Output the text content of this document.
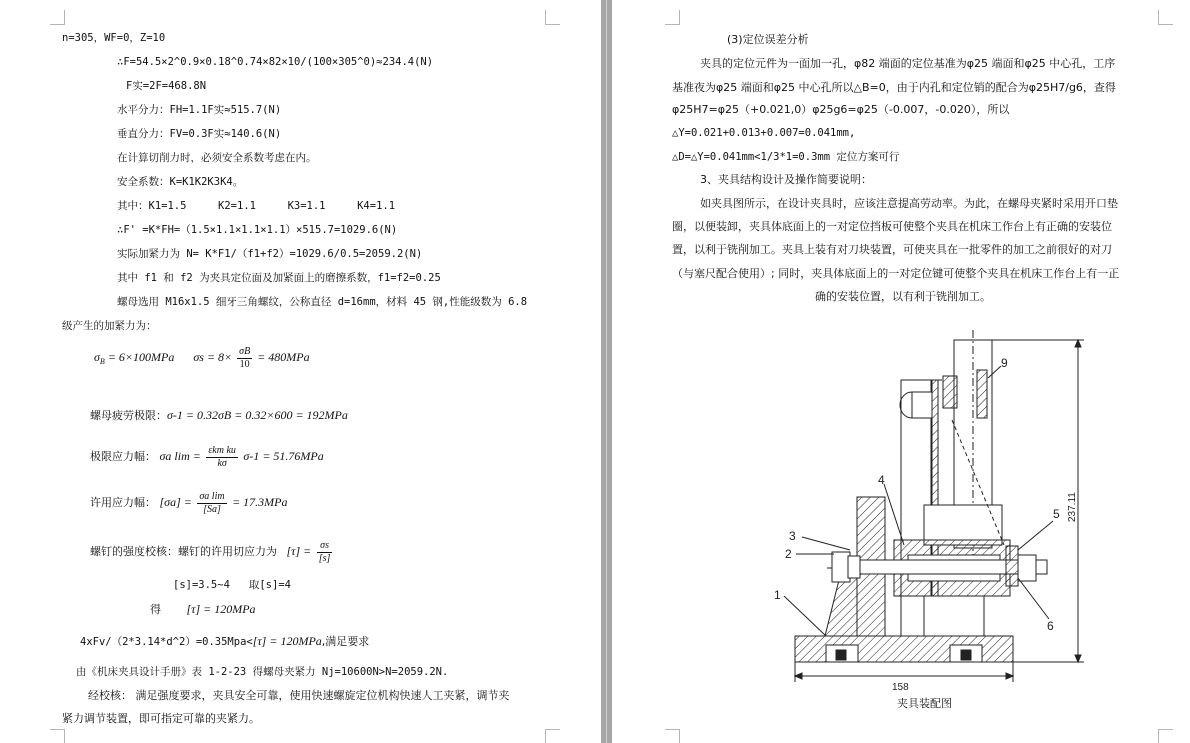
n=305，WF=0，Z=10
∴F=54.5×2^0.9×0.18^0.74×82×10/(100×305^0)≈234.4(N)
F实=2F=468.8N
水平分力：FH=1.1F实≈515.7(N)
垂直分力：FV=0.3F实≈140.6(N)
在计算切削力时，必须安全系数考虑在内。
安全系数：K=K1K2K3K4。
其中：K1=1.5     K2=1.1     K3=1.1     K4=1.1
∴F' =K*FH=（1.5×1.1×1.1×1.1）×515.7=1029.6(N)
实际加紧力为 N= K*F1/（f1+f2）=1029.6/0.5=2059.2(N)
其中 f1 和 f2 为夹具定位面及加紧面上的磨擦系数，f1=f2=0.25
螺母选用 M16x1.5 细牙三角螺纹，公称直径 d=16mm，材料 45 钢,性能级数为 6.8
级产生的加紧力为：
$\sigma_B = 6\times 100MPa$ $\sigma s = 8\times \frac{\sigma B}{10} = 480MPa$
螺母疲劳极限：σ-1 = 0.32σB = 0.32×600 = 192MPa
极限应力幅： σa $\lim = \frac{\text{εkm ku}}{k\sigma} \sigma-1 = 51.76MPa$
许用应力幅： $[\sigma a] = \frac{\text{σa lim}}{[Sa]} = 17.3MPa$
螺钉的强度校核：螺钉的许用切应力为 $[\tau] = \frac{\sigma s}{[s]}$
[s]=3.5~4   取[s]=4
得 [τ] = 120MPa
4xFv/（2*3.14*d^2）=0.35Mpa<[τ] = 120MPa,满足要求
由《机床夹具设计手册》表 1-2-23 得螺母夹紧力 Nj=10600N>N=2059.2N.
经校核： 满足强度要求，夹具安全可靠，使用快速螺旋定位机构快速人工夹紧，调节夹
紧力调节装置，即可指定可靠的夹紧力。
(3)定位误差分析
夹具的定位元件为一面加一孔，φ82 端面的定位基准为φ25 端面和φ25 中心孔，工序
基准夜为φ25 端面和φ25 中心孔所以△B=0，由于内孔和定位销的配合为φ25H7/g6，查得
φ25H7=φ25（+0.021,0）φ25g6=φ25（-0.007，-0.020），所以
△Y=0.021+0.013+0.007=0.041mm,
△D=△Y=0.041mm<1/3*1=0.3mm 定位方案可行
3、夹具结构设计及操作简要说明：
如夹具图所示，在设计夹具时，应该注意提高劳动率。为此，在螺母夹紧时采用开口垫
圈，以便装卸，夹具体底面上的一对定位挡板可使整个夹具在机床工作台上有正确的安装位
置，以利于铣削加工。夹具上装有对刀块装置，可使夹具在一批零件的加工之前很好的对刀
（与塞尺配合使用）; 同时，夹具体底面上的一对定位键可使整个夹具在机床工作台上有一正
确的安装位置，以有利于铣削加工。
1
2
3
4
5
6
9
158
237.11
夹具装配图
